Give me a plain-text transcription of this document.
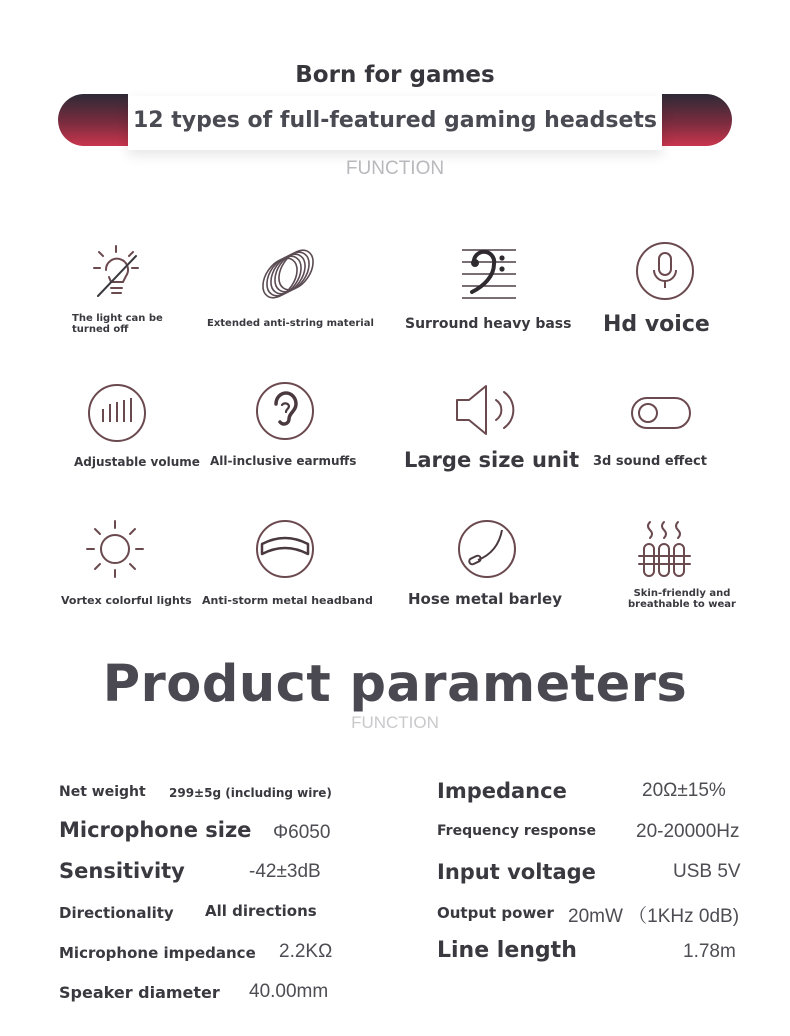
Born for games
12 types of full-featured gaming headsets
FUNCTION
The light can be
turned off
Extended anti-string material Surround heavy bass Hd voice
Adjustable volume All-inclusive earmuffs Large size unit 3d sound effect
Vortex colorful lights Anti-storm metal headband Hose metal barley	Skin-friendly and
breathable to wear
Product parameters
FUNCTION
Net weight 299±5g (including wire)
Microphone size Φ6050
Sensitivity	-42±3dB
Directionality All directions
Microphone impedance 2.2KΩ
Speaker diameter 40.00mm
Impedance	20Ω±15%
Frequency response 20-20000Hz
Input voltage	USB 5V
Output power 20mW （1KHz 0dB)
Line length	1.78m
